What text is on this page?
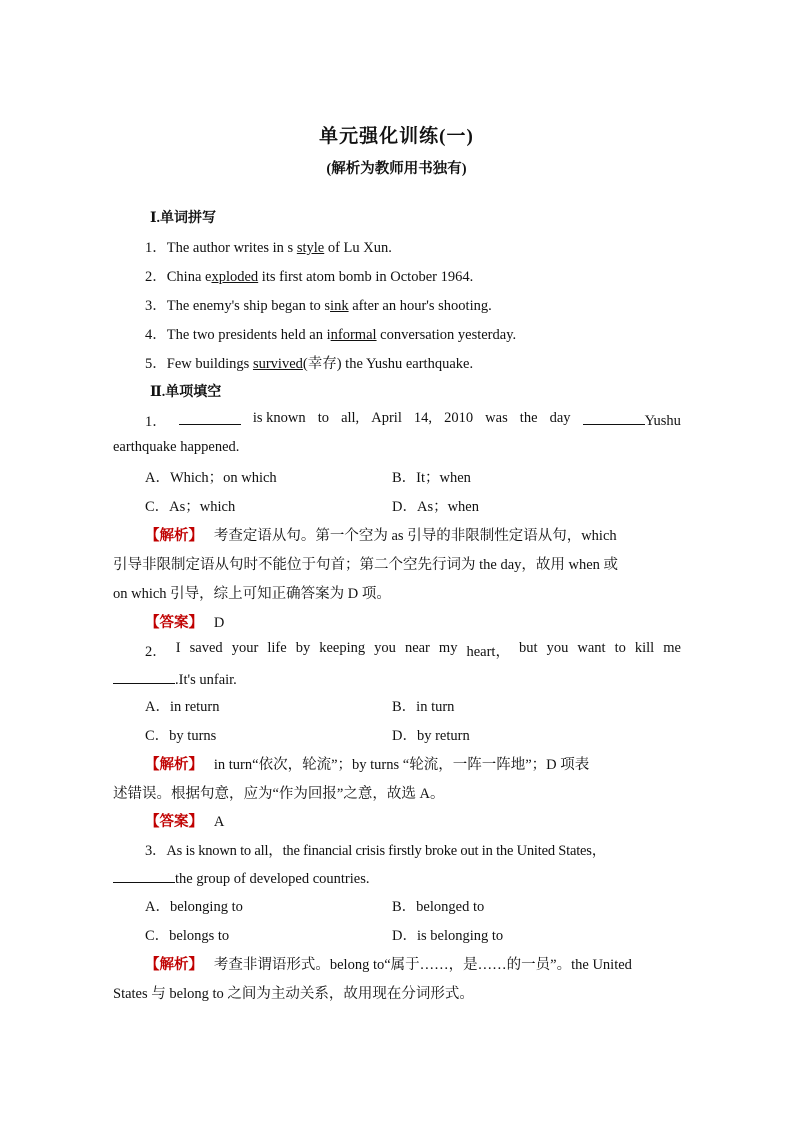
单元强化训练(一)
(解析为教师用书独有)
Ⅰ.单词拼写
1．The author writes in s style of Lu Xun.
2．China exploded its first atom bomb in October 1964.
3．The enemy's ship began to sink after an hour's shooting.
4．The two presidents held an informal conversation yesterday.
5．Few buildings survived(幸存) the Yushu earthquake.
Ⅱ.单项填空
1．	is known to all, April 14, 2010 was the day	Yushu
earthquake happened.
A．Which；on which	B．It；when
C．As；which	D．As；when
【解析】 考查定语从句。第一个空为 as 引导的非限制性定语从句，which
引导非限制定语从句时不能位于句首；第二个空先行词为 the day，故用 when 或
on which 引导，综上可知正确答案为 D 项。
【答案】 D
2． I saved your life by keeping you near my heart， but you want to kill me
.It's unfair.
A．in return	B．in turn
C．by turns	D．by return
【解析】 in turn“依次，轮流”；by turns “轮流，一阵一阵地”；D 项表
述错误。根据句意，应为“作为回报”之意，故选 A。
【答案】 A
3．As is known to all，the financial crisis firstly broke out in the United States，
the group of developed countries.
A．belonging to	B．belonged to
C．belongs to	D．is belonging to
【解析】 考查非谓语形式。belong to“属于……，是……的一员”。the United
States 与 belong to 之间为主动关系，故用现在分词形式。
